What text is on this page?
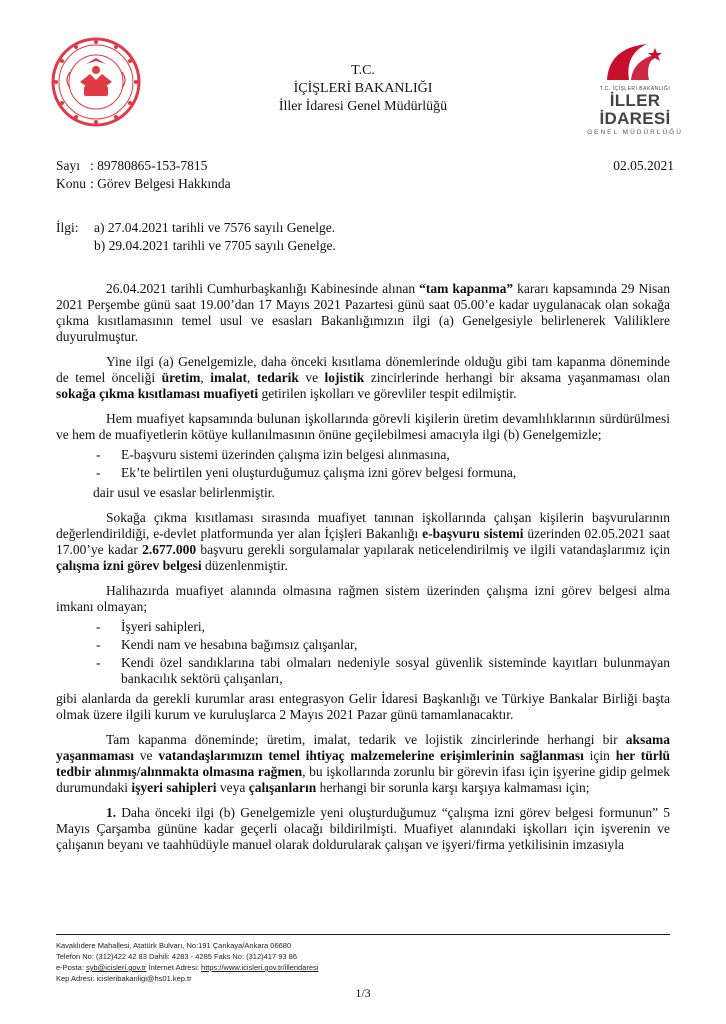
T.C. İÇİŞLERİ BAKANLIĞI
İLLER İDARESİ
GENEL MÜDÜRLÜĞÜ
T.C.
İÇİŞLERİ BAKANLIĞI
İller İdaresi Genel Müdürlüğü
Sayı : 89780865-153-7815	02.05.2021
Konu : Görev Belgesi Hakkında
İlgi: a) 27.04.2021 tarihli ve 7576 sayılı Genelge.
b) 29.04.2021 tarihli ve 7705 sayılı Genelge.

26.04.2021 tarihli Cumhurbaşkanlığı Kabinesinde alınan “tam kapanma” kararı kapsamında 29 Nisan 2021 Perşembe günü saat 19.00’dan 17 Mayıs 2021 Pazartesi günü saat 05.00’e kadar uygulanacak olan sokağa çıkma kısıtlamasının temel usul ve esasları Bakanlığımızın ilgi (a) Genelgesiyle belirlenerek Valiliklere duyurulmuştur.

Yine ilgi (a) Genelgemizle, daha önceki kısıtlama dönemlerinde olduğu gibi tam kapanma döneminde de temel önceliği üretim, imalat, tedarik ve lojistik zincirlerinde herhangi bir aksama yaşanmaması olan sokağa çıkma kısıtlaması muafiyeti getirilen işkolları ve görevliler tespit edilmiştir.

Hem muafiyet kapsamında bulunan işkollarında görevli kişilerin üretim devamlılıklarının sürdürülmesi ve hem de muafiyetlerin kötüye kullanılmasının önüne geçilebilmesi amacıyla ilgi (b) Genelgemizle;

- E-başvuru sistemi üzerinden çalışma izin belgesi alınmasına,
- Ek’te belirtilen yeni oluşturduğumuz çalışma izni görev belgesi formuna,

dair usul ve esaslar belirlenmiştir.

Sokağa çıkma kısıtlaması sırasında muafiyet tanınan işkollarında çalışan kişilerin başvurularının değerlendirildiği, e-devlet platformunda yer alan İçişleri Bakanlığı e-başvuru sistemi üzerinden 02.05.2021 saat 17.00’ye kadar 2.677.000 başvuru gerekli sorgulamalar yapılarak neticelendirilmiş ve ilgili vatandaşlarımız için çalışma izni görev belgesi düzenlenmiştir.

Halihazırda muafiyet alanında olmasına rağmen sistem üzerinden çalışma izni görev belgesi alma imkanı olmayan;

- İşyeri sahipleri,
- Kendi nam ve hesabına bağımsız çalışanlar,
- Kendi özel sandıklarına tabi olmaları nedeniyle sosyal güvenlik sisteminde kayıtları bulunmayan bankacılık sektörü çalışanları,

gibi alanlarda da gerekli kurumlar arası entegrasyon Gelir İdaresi Başkanlığı ve Türkiye Bankalar Birliği başta olmak üzere ilgili kurum ve kuruluşlarca 2 Mayıs 2021 Pazar günü tamamlanacaktır.

Tam kapanma döneminde; üretim, imalat, tedarik ve lojistik zincirlerinde herhangi bir aksama yaşanmaması ve vatandaşlarımızın temel ihtiyaç malzemelerine erişimlerinin sağlanması için her türlü tedbir alınmış/alınmakta olmasına rağmen, bu işkollarında zorunlu bir görevin ifası için işyerine gidip gelmek durumundaki işyeri sahipleri veya çalışanların herhangi bir sorunla karşı karşıya kalmaması için;

1. Daha önceki ilgi (b) Genelgemizle yeni oluşturduğumuz “çalışma izni görev belgesi formunun” 5 Mayıs Çarşamba gününe kadar geçerli olacağı bildirilmişti. Muafiyet alanındaki işkolları için işverenin ve çalışanın beyanı ve taahhüdüyle manuel olarak doldurularak çalışan ve işyeri/firma yetkilisinin imzasıyla

Kavaklıdere Mahallesi, Atatürk Bulvarı, No:191 Çankaya/Ankara 06680
Telefon No: (312)422 42 83 Dahili: 4283 - 4285 Faks No: (312)417 93 86
e-Posta: syb@icisleri.gov.tr İnternet Adresi: https://www.icisleri.gov.tr/illeridaresi
Kep Adresi: icisleribakanligi@hs01.kep.tr
1/3
